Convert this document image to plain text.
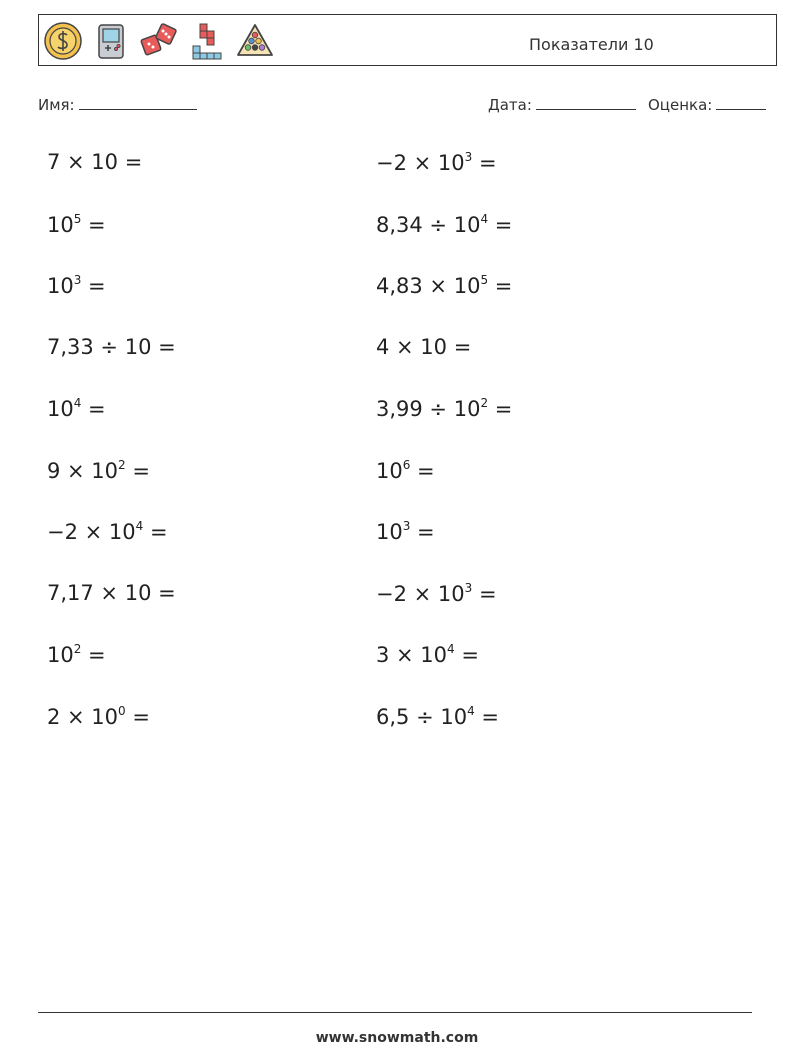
Показатели 10
Имя:	Дата:	Оценка:
7 × 10 =
$10^5$ =
$10^3$ =
7,33 ÷ 10 =
$10^4$ =
$9 \times 10^2$ =
$-2 \times 10^4$ =
7,17 × 10 =
$10^2$ =
$2 \times 10^0$ =
$-2 \times 10^3$ =
$8,34 \div 10^4$ =
$4,83 \times 10^5$ =
4 × 10 =
$3,99 \div 10^2$ =
$10^6$ =
$10^3$ =
$-2 \times 10^3$ =
$3 \times 10^4$ =
$6,5 \div 10^4$ =
www.snowmath.com
